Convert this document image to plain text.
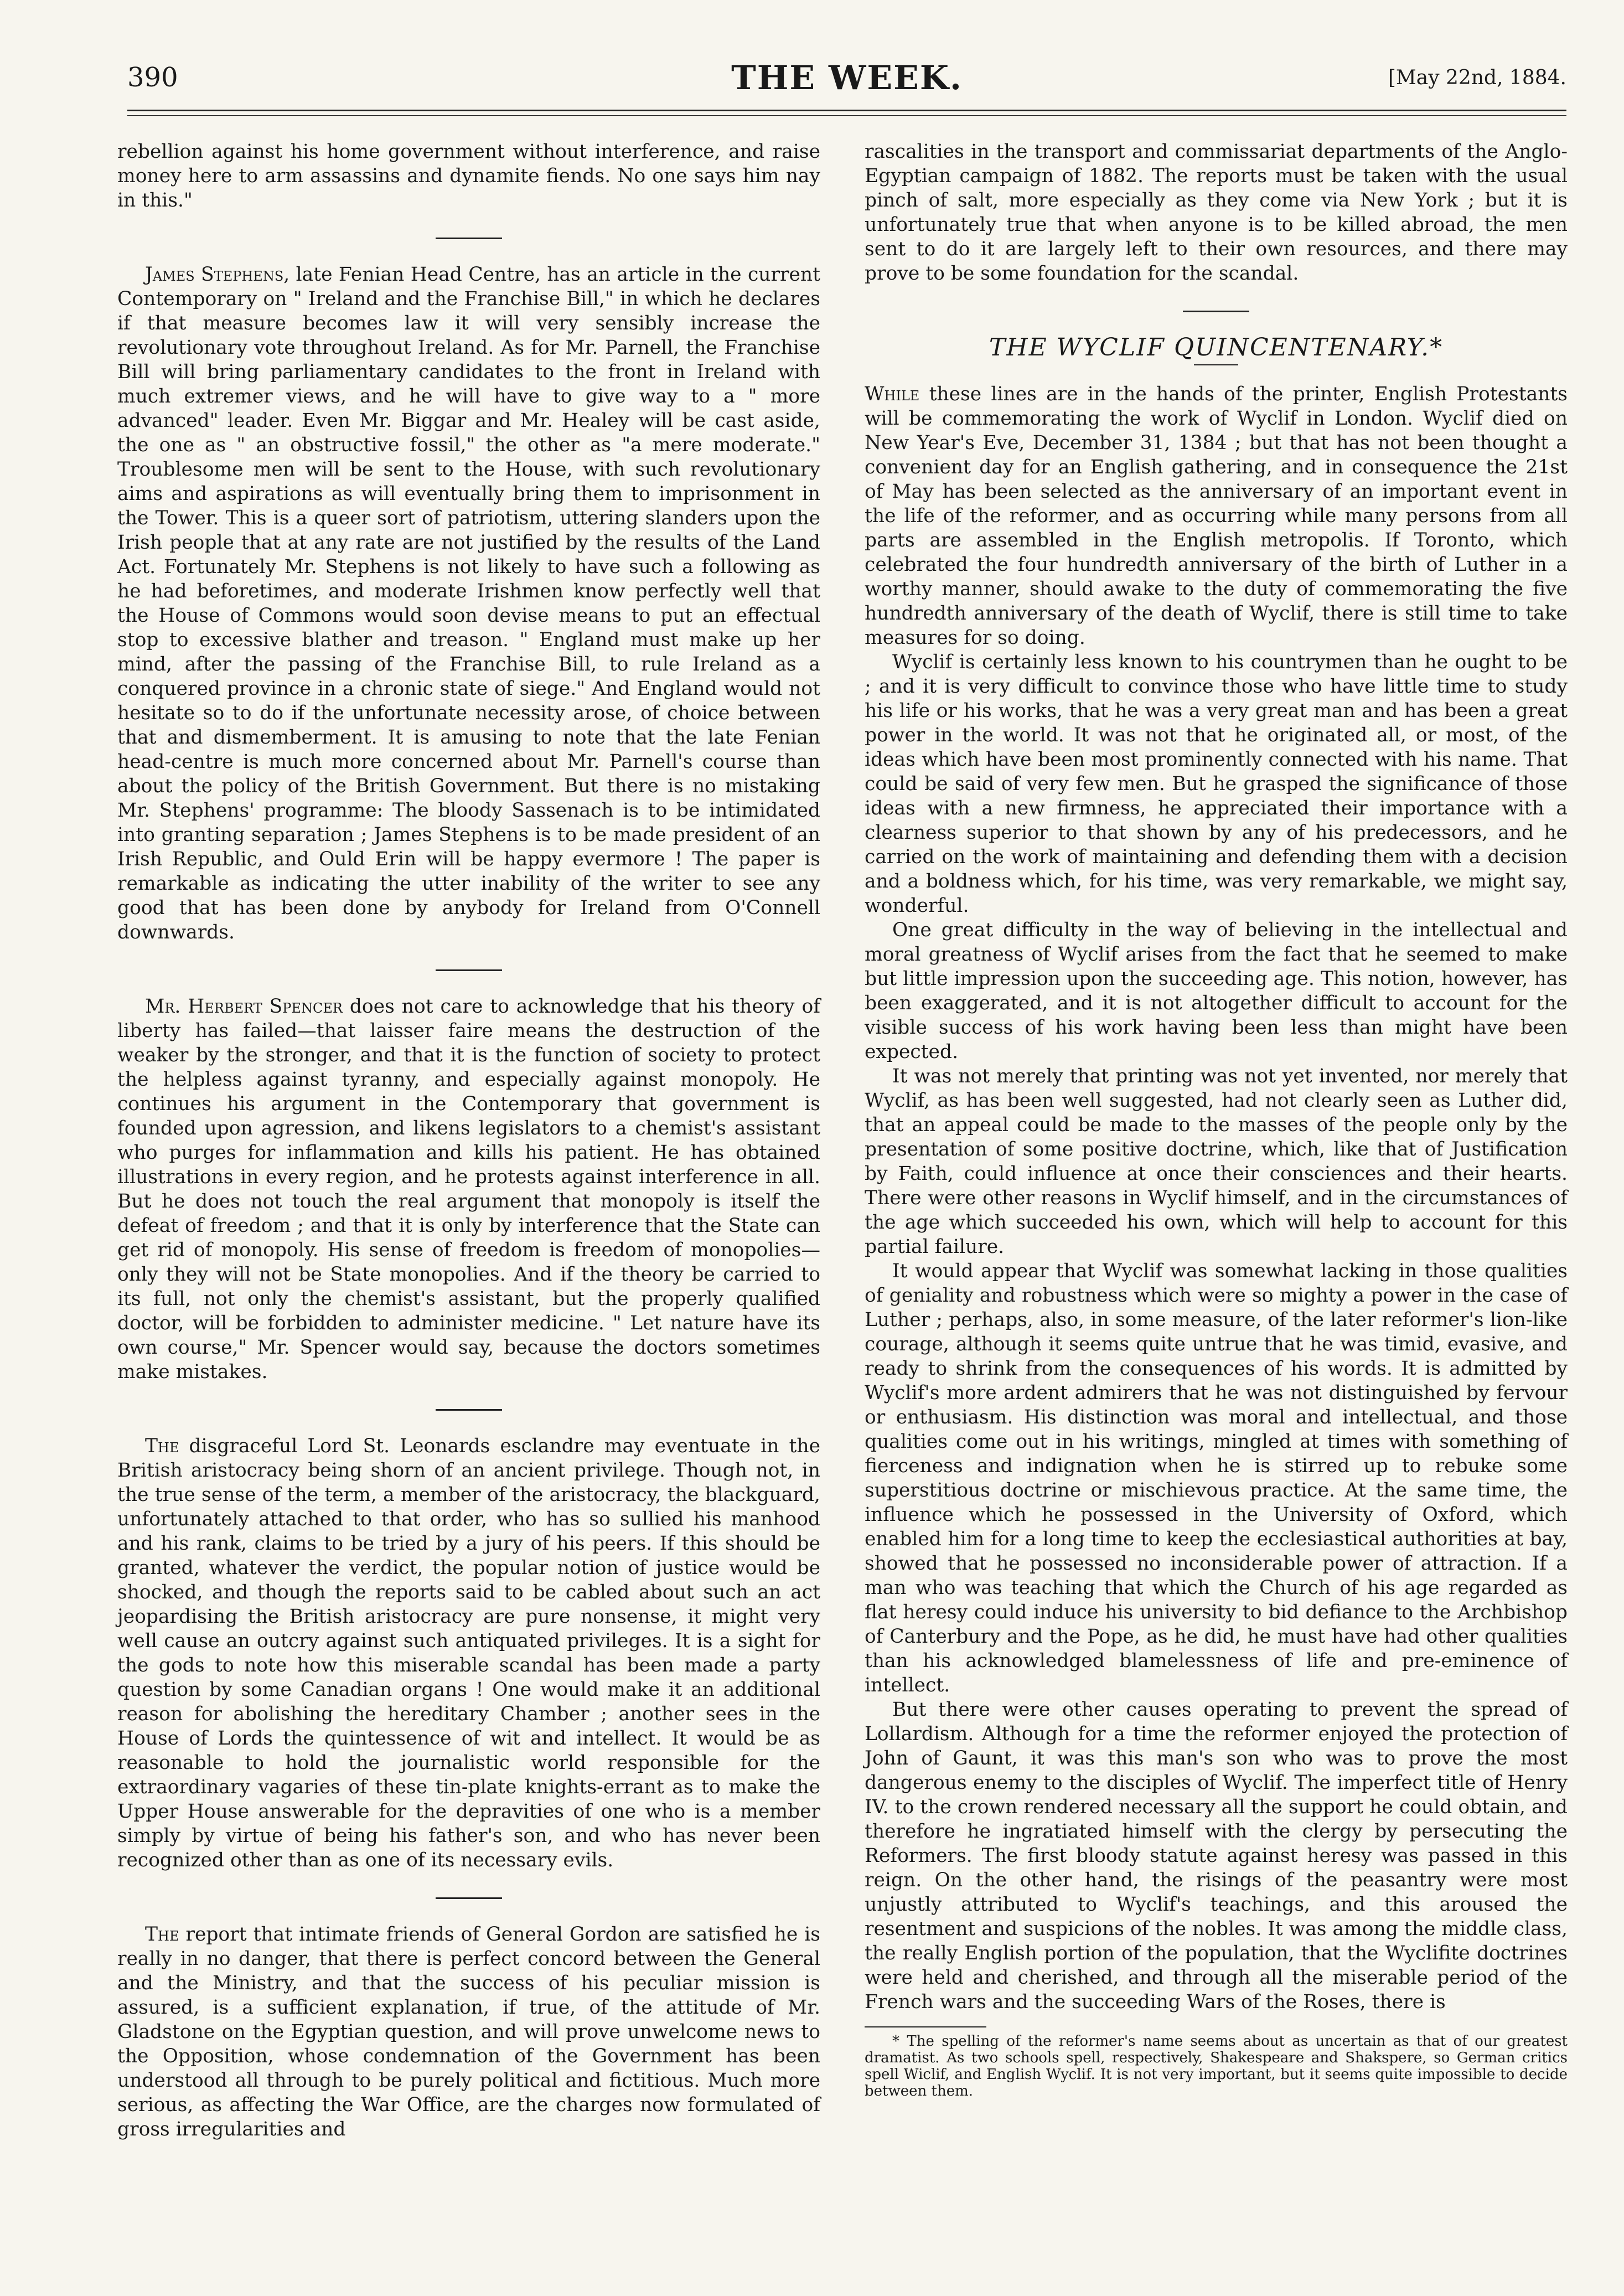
390	THE WEEK.	[May 22nd, 1884.

rebellion against his home government without interference, and raise money here to arm assassins and dynamite fiends. No one says him nay in this."

James Stephens, late Fenian Head Centre, has an article in the current Contemporary on " Ireland and the Franchise Bill," in which he declares if that measure becomes law it will very sensibly increase the revolutionary vote throughout Ireland. As for Mr. Parnell, the Franchise Bill will bring parliamentary candidates to the front in Ireland with much extremer views, and he will have to give way to a " more advanced" leader. Even Mr. Biggar and Mr. Healey will be cast aside, the one as " an obstructive fossil," the other as "a mere moderate." Troublesome men will be sent to the House, with such revolutionary aims and aspirations as will eventually bring them to imprisonment in the Tower. This is a queer sort of patriotism, uttering slanders upon the Irish people that at any rate are not justified by the results of the Land Act. Fortunately Mr. Stephens is not likely to have such a following as he had beforetimes, and moderate Irishmen know perfectly well that the House of Commons would soon devise means to put an effectual stop to excessive blather and treason. " England must make up her mind, after the passing of the Franchise Bill, to rule Ireland as a conquered province in a chronic state of siege." And England would not hesitate so to do if the unfortunate necessity arose, of choice between that and dismemberment. It is amusing to note that the late Fenian head-centre is much more concerned about Mr. Parnell's course than about the policy of the British Government. But there is no mistaking Mr. Stephens' programme: The bloody Sassenach is to be intimidated into granting separation ; James Stephens is to be made president of an Irish Republic, and Ould Erin will be happy evermore ! The paper is remarkable as indicating the utter inability of the writer to see any good that has been done by anybody for Ireland from O'Connell downwards.

Mr. Herbert Spencer does not care to acknowledge that his theory of liberty has failed—that laisser faire means the destruction of the weaker by the stronger, and that it is the function of society to protect the helpless against tyranny, and especially against monopoly. He continues his argument in the Contemporary that government is founded upon agression, and likens legislators to a chemist's assistant who purges for inflammation and kills his patient. He has obtained illustrations in every region, and he protests against interference in all. But he does not touch the real argument that monopoly is itself the defeat of freedom ; and that it is only by interference that the State can get rid of monopoly. His sense of freedom is freedom of monopolies—only they will not be State monopolies. And if the theory be carried to its full, not only the chemist's assistant, but the properly qualified doctor, will be forbidden to administer medicine. " Let nature have its own course," Mr. Spencer would say, because the doctors sometimes make mistakes.

The disgraceful Lord St. Leonards esclandre may eventuate in the British aristocracy being shorn of an ancient privilege. Though not, in the true sense of the term, a member of the aristocracy, the blackguard, unfortunately attached to that order, who has so sullied his manhood and his rank, claims to be tried by a jury of his peers. If this should be granted, whatever the verdict, the popular notion of justice would be shocked, and though the reports said to be cabled about such an act jeopardising the British aristocracy are pure nonsense, it might very well cause an outcry against such antiquated privileges. It is a sight for the gods to note how this miserable scandal has been made a party question by some Canadian organs ! One would make it an additional reason for abolishing the hereditary Chamber ; another sees in the House of Lords the quintessence of wit and intellect. It would be as reasonable to hold the journalistic world responsible for the extraordinary vagaries of these tin-plate knights-errant as to make the Upper House answerable for the depravities of one who is a member simply by virtue of being his father's son, and who has never been recognized other than as one of its necessary evils.

The report that intimate friends of General Gordon are satisfied he is really in no danger, that there is perfect concord between the General and the Ministry, and that the success of his peculiar mission is assured, is a sufficient explanation, if true, of the attitude of Mr. Gladstone on the Egyptian question, and will prove unwelcome news to the Opposition, whose condemnation of the Government has been understood all through to be purely political and fictitious. Much more serious, as affecting the War Office, are the charges now formulated of gross irregularities and

rascalities in the transport and commissariat departments of the Anglo-Egyptian campaign of 1882. The reports must be taken with the usual pinch of salt, more especially as they come via New York ; but it is unfortunately true that when anyone is to be killed abroad, the men sent to do it are largely left to their own resources, and there may prove to be some foundation for the scandal.

THE WYCLIF QUINCENTENARY.*

While these lines are in the hands of the printer, English Protestants will be commemorating the work of Wyclif in London. Wyclif died on New Year's Eve, December 31, 1384 ; but that has not been thought a convenient day for an English gathering, and in consequence the 21st of May has been selected as the anniversary of an important event in the life of the reformer, and as occurring while many persons from all parts are assembled in the English metropolis. If Toronto, which celebrated the four hundredth anniversary of the birth of Luther in a worthy manner, should awake to the duty of commemorating the five hundredth anniversary of the death of Wyclif, there is still time to take measures for so doing.

Wyclif is certainly less known to his countrymen than he ought to be ; and it is very difficult to convince those who have little time to study his life or his works, that he was a very great man and has been a great power in the world. It was not that he originated all, or most, of the ideas which have been most prominently connected with his name. That could be said of very few men. But he grasped the significance of those ideas with a new firmness, he appreciated their importance with a clearness superior to that shown by any of his predecessors, and he carried on the work of maintaining and defending them with a decision and a boldness which, for his time, was very remarkable, we might say, wonderful.

One great difficulty in the way of believing in the intellectual and moral greatness of Wyclif arises from the fact that he seemed to make but little impression upon the succeeding age. This notion, however, has been exaggerated, and it is not altogether difficult to account for the visible success of his work having been less than might have been expected.

It was not merely that printing was not yet invented, nor merely that Wyclif, as has been well suggested, had not clearly seen as Luther did, that an appeal could be made to the masses of the people only by the presentation of some positive doctrine, which, like that of Justification by Faith, could influence at once their consciences and their hearts. There were other reasons in Wyclif himself, and in the circumstances of the age which succeeded his own, which will help to account for this partial failure.

It would appear that Wyclif was somewhat lacking in those qualities of geniality and robustness which were so mighty a power in the case of Luther ; perhaps, also, in some measure, of the later reformer's lion-like courage, although it seems quite untrue that he was timid, evasive, and ready to shrink from the consequences of his words. It is admitted by Wyclif's more ardent admirers that he was not distinguished by fervour or enthusiasm. His distinction was moral and intellectual, and those qualities come out in his writings, mingled at times with something of fierceness and indignation when he is stirred up to rebuke some superstitious doctrine or mischievous practice. At the same time, the influence which he possessed in the University of Oxford, which enabled him for a long time to keep the ecclesiastical authorities at bay, showed that he possessed no inconsiderable power of attraction. If a man who was teaching that which the Church of his age regarded as flat heresy could induce his university to bid defiance to the Archbishop of Canterbury and the Pope, as he did, he must have had other qualities than his acknowledged blamelessness of life and pre-eminence of intellect.

But there were other causes operating to prevent the spread of Lollardism. Although for a time the reformer enjoyed the protection of John of Gaunt, it was this man's son who was to prove the most dangerous enemy to the disciples of Wyclif. The imperfect title of Henry IV. to the crown rendered necessary all the support he could obtain, and therefore he ingratiated himself with the clergy by persecuting the Reformers. The first bloody statute against heresy was passed in this reign. On the other hand, the risings of the peasantry were most unjustly attributed to Wyclif's teachings, and this aroused the resentment and suspicions of the nobles. It was among the middle class, the really English portion of the population, that the Wyclifite doctrines were held and cherished, and through all the miserable period of the French wars and the succeeding Wars of the Roses, there is

* The spelling of the reformer's name seems about as uncertain as that of our greatest dramatist. As two schools spell, respectively, Shakespeare and Shakspere, so German critics spell Wiclif, and English Wyclif. It is not very important, but it seems quite impossible to decide between them.
